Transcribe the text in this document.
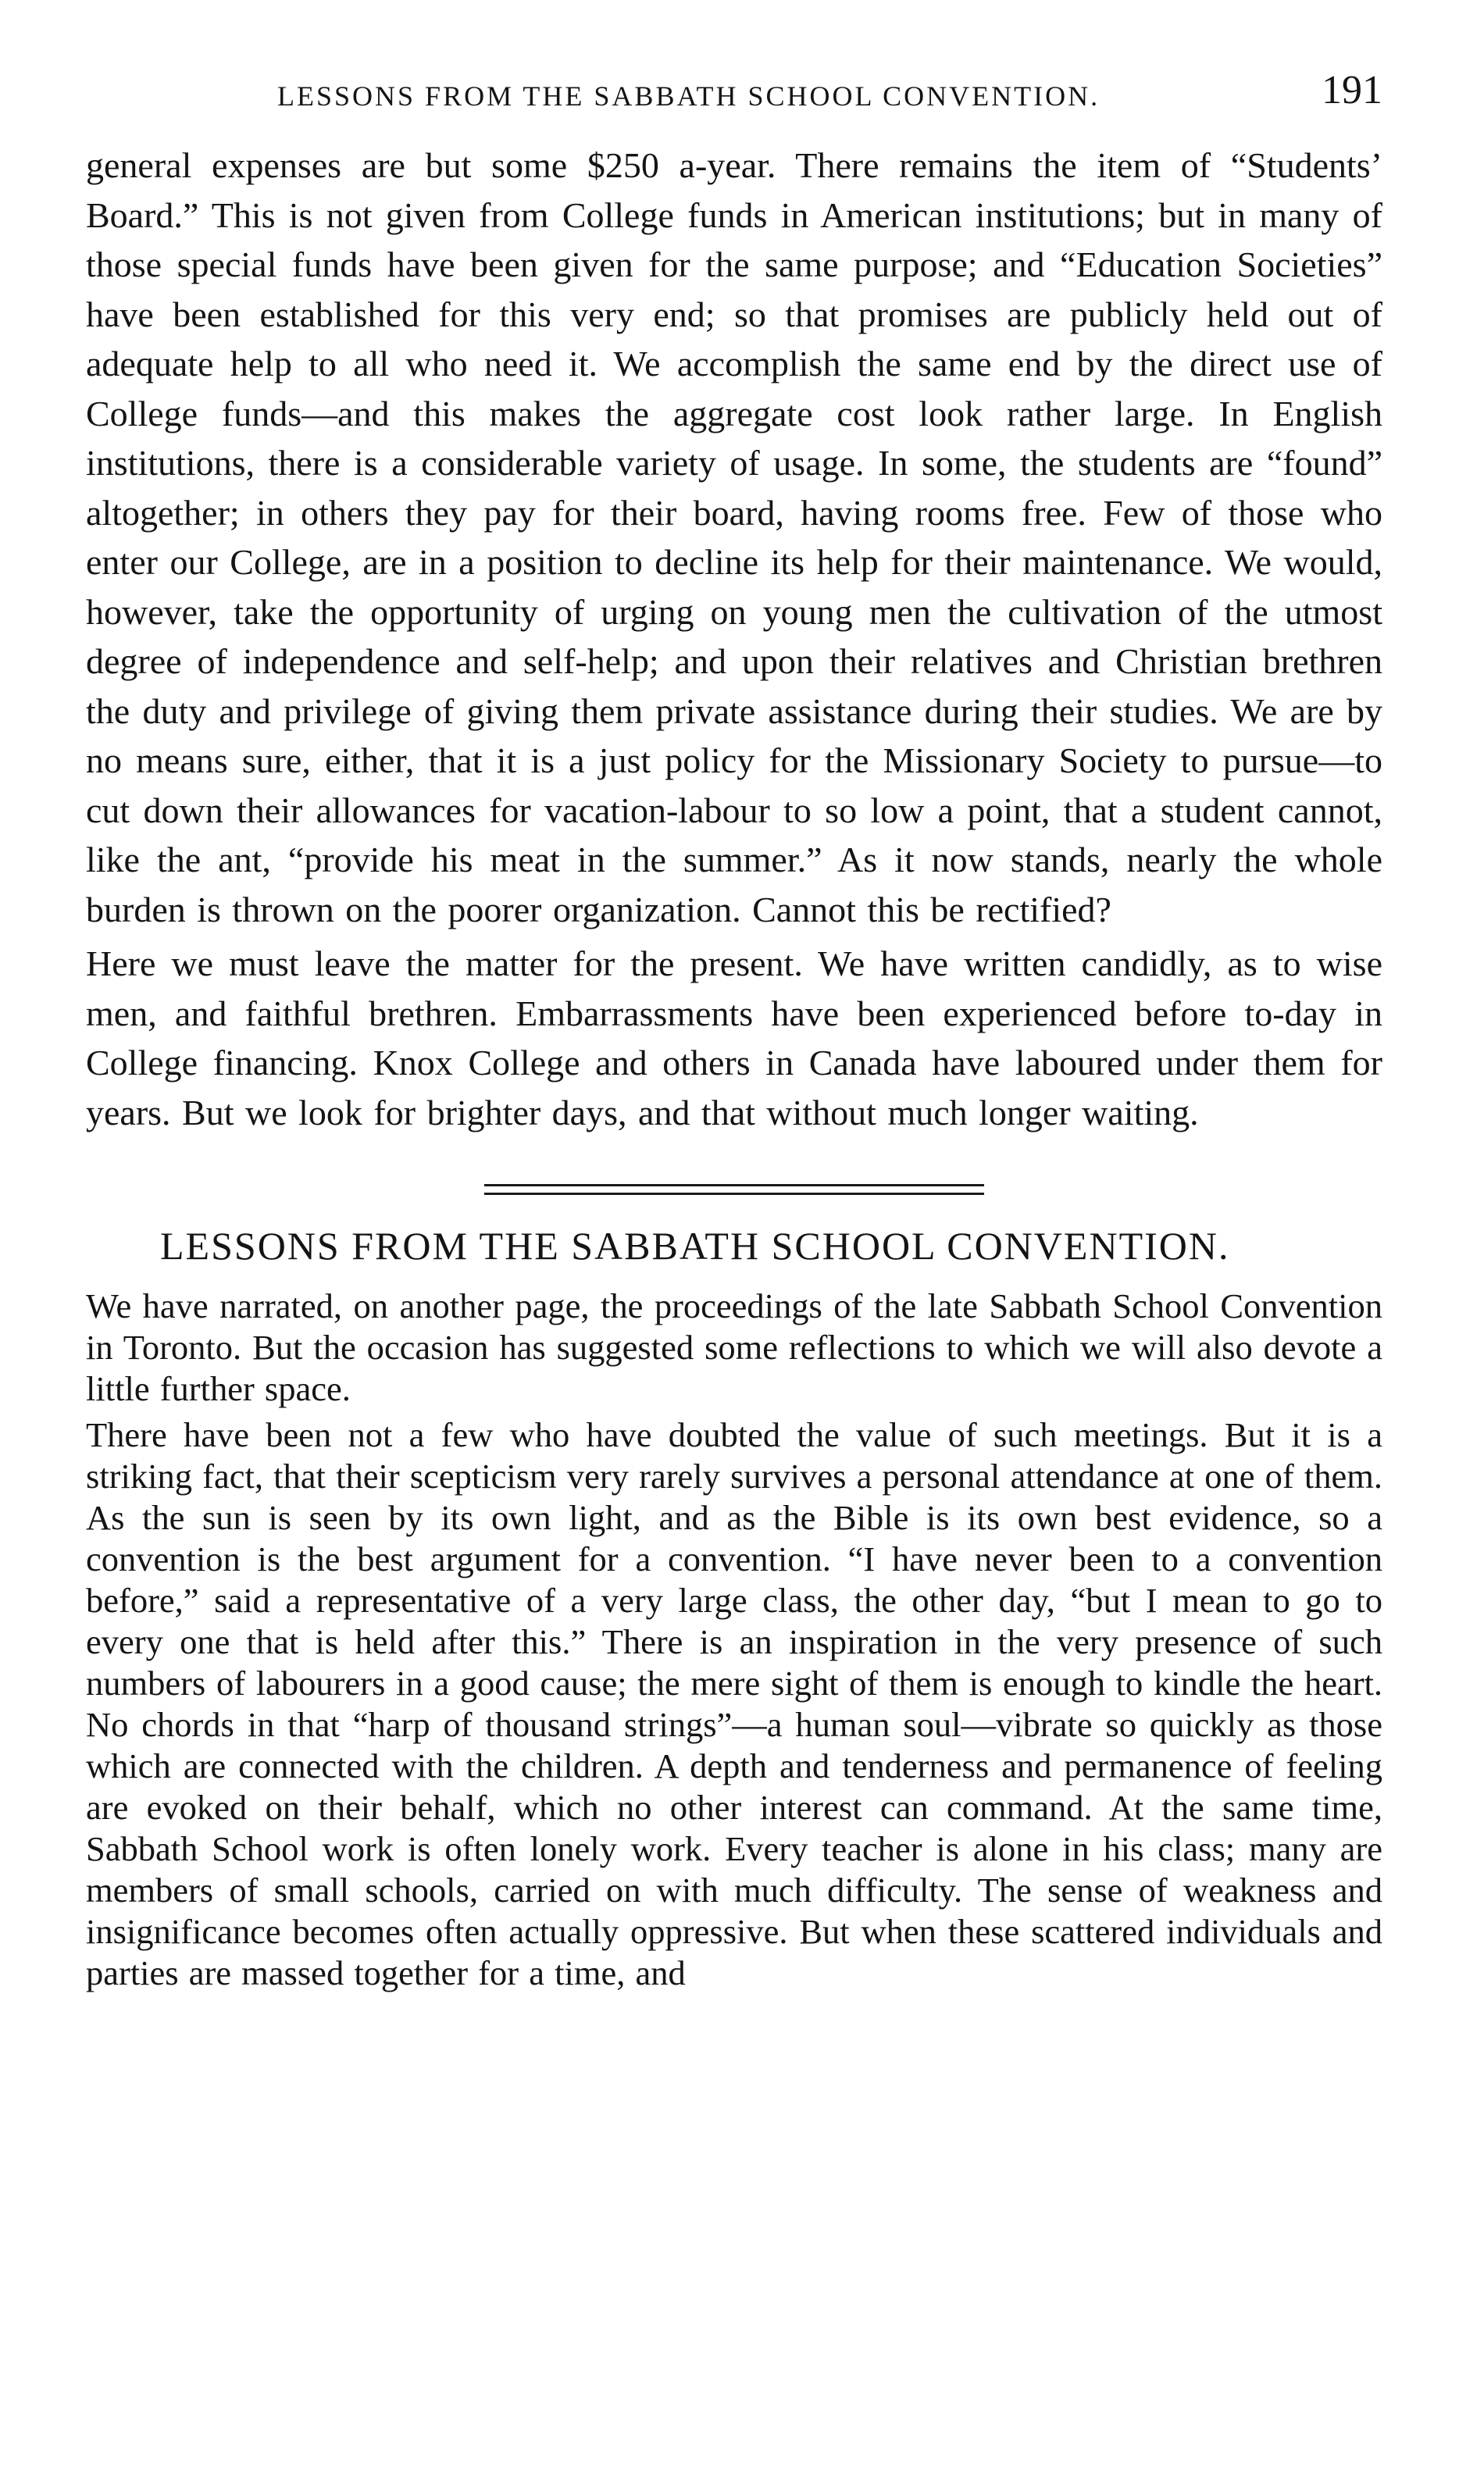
LESSONS FROM THE SABBATH SCHOOL CONVENTION.	191

general expenses are but some $250 a-year. There remains the item of “Students’ Board.” This is not given from College funds in American institutions; but in many of those special funds have been given for the same purpose; and “Education Societies” have been established for this very end; so that promises are publicly held out of adequate help to all who need it. We accomplish the same end by the direct use of College funds—and this makes the aggregate cost look rather large. In English institutions, there is a considerable variety of usage. In some, the students are “found” altogether; in others they pay for their board, having rooms free. Few of those who enter our College, are in a position to decline its help for their maintenance. We would, however, take the opportunity of urging on young men the cultivation of the utmost degree of independence and self-help; and upon their relatives and Christian brethren the duty and privilege of giving them private assistance during their studies. We are by no means sure, either, that it is a just policy for the Missionary Society to pursue—to cut down their allowances for vacation-labour to so low a point, that a student cannot, like the ant, “provide his meat in the summer.” As it now stands, nearly the whole burden is thrown on the poorer organization. Cannot this be rectified?

Here we must leave the matter for the present. We have written candidly, as to wise men, and faithful brethren. Embarrassments have been experienced before to-day in College financing. Knox College and others in Canada have laboured under them for years. But we look for brighter days, and that without much longer waiting.

LESSONS FROM THE SABBATH SCHOOL CONVENTION.

We have narrated, on another page, the proceedings of the late Sabbath School Convention in Toronto. But the occasion has suggested some reflections to which we will also devote a little further space.

There have been not a few who have doubted the value of such meetings. But it is a striking fact, that their scepticism very rarely survives a personal attendance at one of them. As the sun is seen by its own light, and as the Bible is its own best evidence, so a convention is the best argument for a convention. “I have never been to a convention before,” said a representative of a very large class, the other day, “but I mean to go to every one that is held after this.” There is an inspiration in the very presence of such numbers of labourers in a good cause; the mere sight of them is enough to kindle the heart. No chords in that “harp of thousand strings”—a human soul—vibrate so quickly as those which are connected with the children. A depth and tenderness and permanence of feeling are evoked on their behalf, which no other interest can command. At the same time, Sabbath School work is often lonely work. Every teacher is alone in his class; many are members of small schools, carried on with much difficulty. The sense of weakness and insignificance becomes often actually oppressive. But when these scattered individuals and parties are massed together for a time, and
